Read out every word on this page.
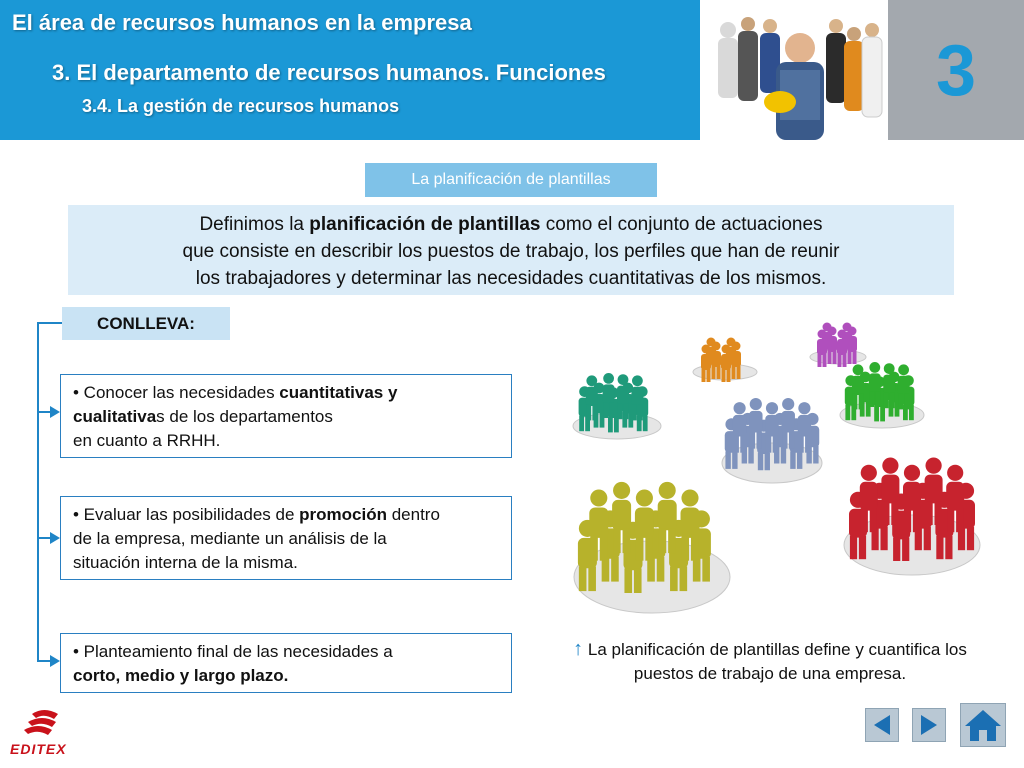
El área de recursos humanos en la empresa
3. El departamento de recursos humanos. Funciones
3.4. La gestión de recursos humanos	3
La planificación de plantillas
Definimos la planificación de plantillas como el conjunto de actuaciones
que consiste en describir los puestos de trabajo, los perfiles que han de reunir
los trabajadores y determinar las necesidades cuantitativas de los mismos.
CONLLEVA:
• Conocer las necesidades cuantitativas y
cualitativas de los departamentos
en cuanto a RRHH.
• Evaluar las posibilidades de promoción dentro
de la empresa, mediante un análisis de la
situación interna de la misma.
• Planteamiento final de las necesidades a
corto, medio y largo plazo.
↑ La planificación de plantillas define y cuantifica los
puestos de trabajo de una empresa.
EDITEX
